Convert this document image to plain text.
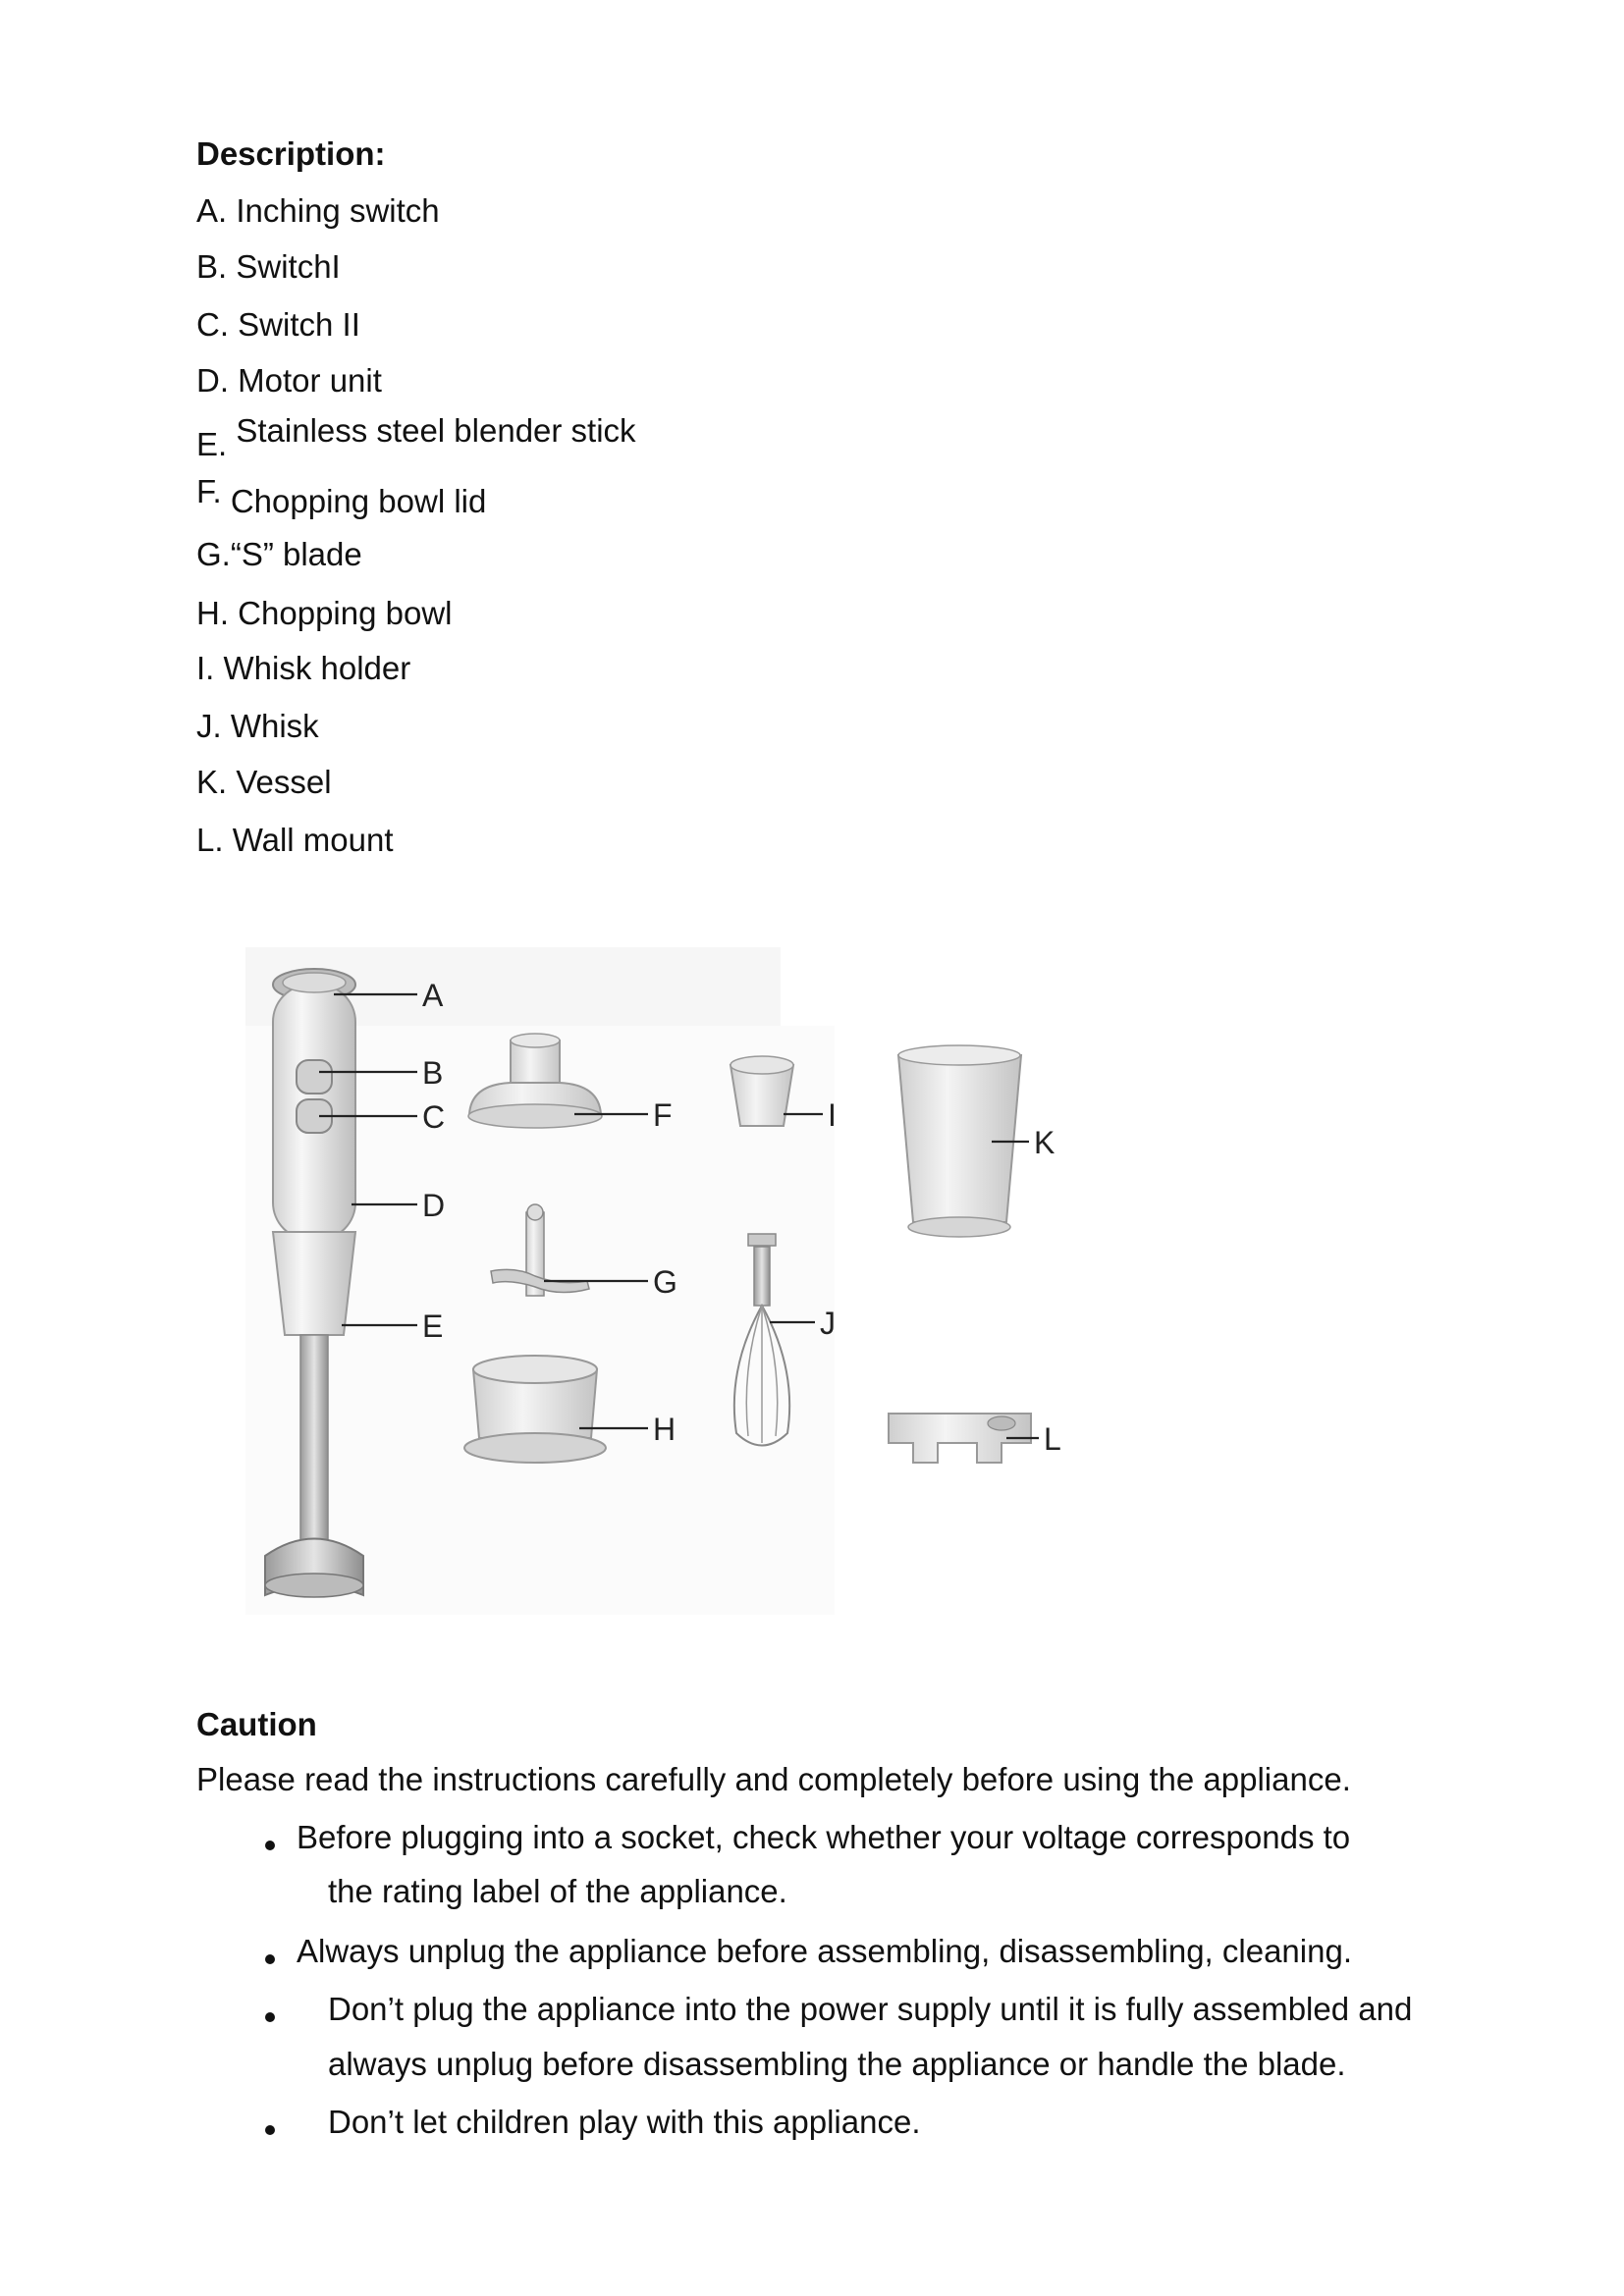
Description:
A. Inching switch
B. SwitchI
C. Switch II
D. Motor unit
E. Stainless steel blender stick
F. Chopping bowl lid
G.“S” blade
H. Chopping bowl
I. Whisk holder
J. Whisk
K. Vessel
L. Wall mount
A
B
C
D
E
F
G
H
I
J
K
L
Caution

Please read the instructions carefully and completely before using the appliance.

Before plugging into a socket, check whether your voltage corresponds to
the rating label of the appliance.
Always unplug the appliance before assembling, disassembling, cleaning.
Don’t plug the appliance into the power supply until it is fully assembled and
always unplug before disassembling the appliance or handle the blade.
Don’t let children play with this appliance.
